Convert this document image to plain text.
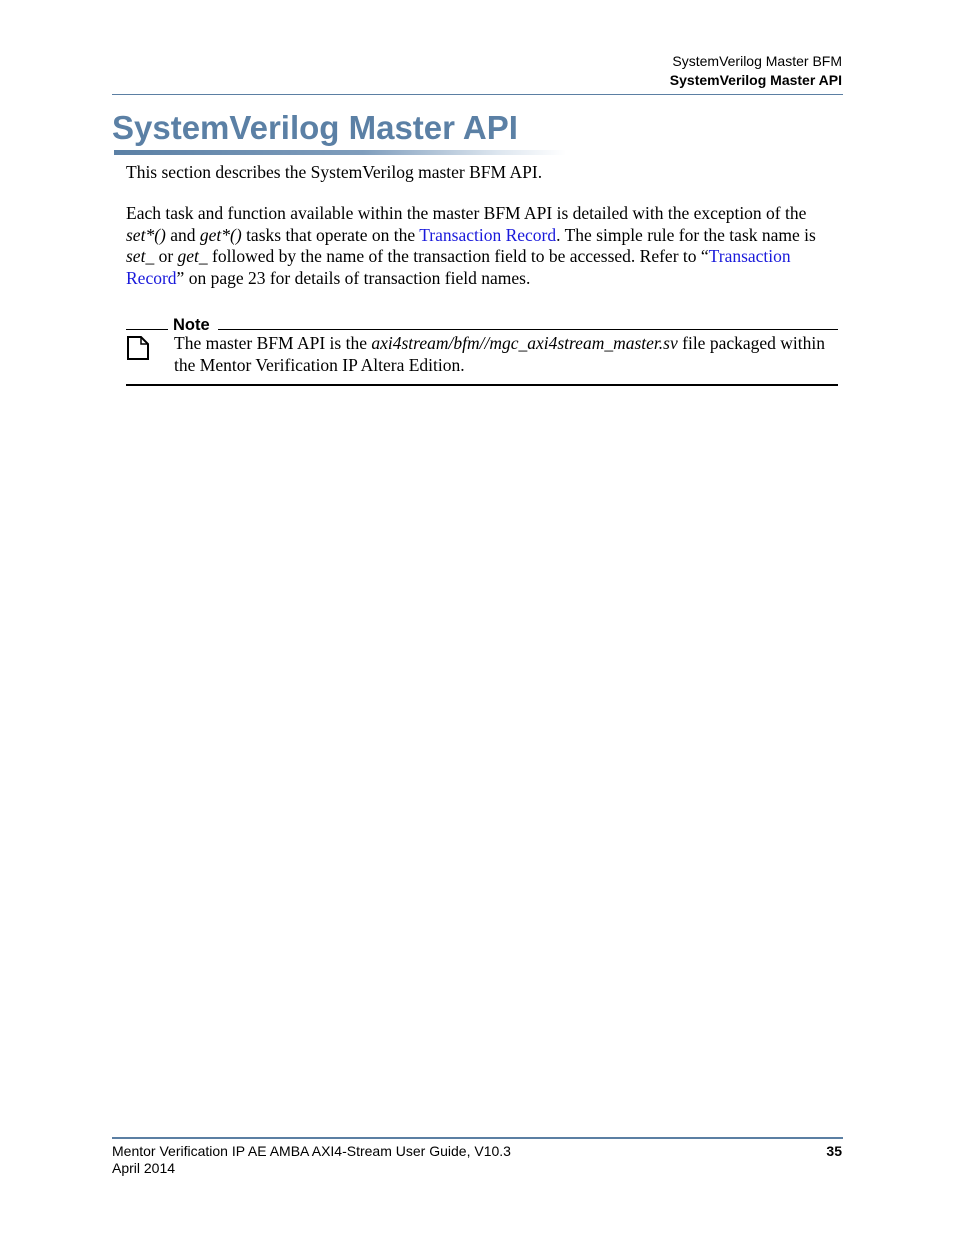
SystemVerilog Master BFM
SystemVerilog Master API
SystemVerilog Master API

This section describes the SystemVerilog master BFM API.

Each task and function available within the master BFM API is detailed with the exception of the set*() and get*() tasks that operate on the Transaction Record. The simple rule for the task name is set_ or get_ followed by the name of the transaction field to be accessed. Refer to “Transaction Record” on page 23 for details of transaction field names.

Note

The master BFM API is the axi4stream/bfm//mgc_axi4stream_master.sv file packaged within the Mentor Verification IP Altera Edition.

Mentor Verification IP AE AMBA AXI4-Stream User Guide, V10.3
April 2014
35
